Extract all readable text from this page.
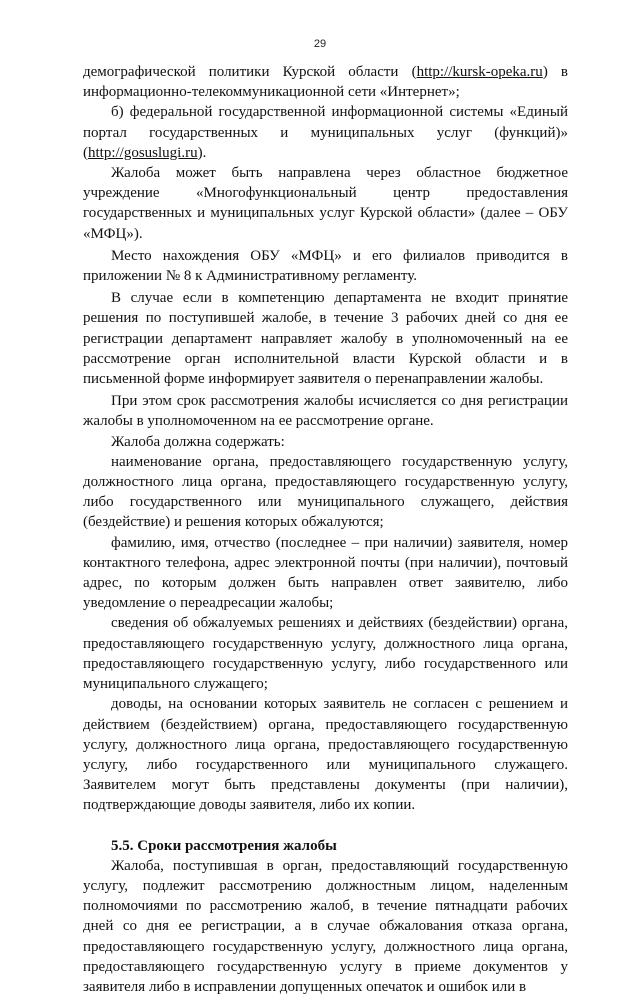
29

демографической политики Курской области (http://kursk-opeka.ru) в информационно-телекоммуникационной сети «Интернет»;

б) федеральной государственной информационной системы «Единый портал государственных и муниципальных услуг (функций)» (http://gosuslugi.ru).

Жалоба может быть направлена через областное бюджетное учреждение «Многофункциональный центр предоставления государственных и муниципальных услуг Курской области» (далее – ОБУ «МФЦ»).

Место нахождения ОБУ «МФЦ» и его филиалов приводится в приложении № 8 к Административному регламенту.

В случае если в компетенцию департамента не входит принятие решения по поступившей жалобе, в течение 3 рабочих дней со дня ее регистрации департамент направляет жалобу в уполномоченный на ее рассмотрение орган исполнительной власти Курской области и в письменной форме информирует заявителя о перенаправлении жалобы.

При этом срок рассмотрения жалобы исчисляется со дня регистрации жалобы в уполномоченном на ее рассмотрение органе.

Жалоба должна содержать:

наименование органа, предоставляющего государственную услугу, должностного лица органа, предоставляющего государственную услугу, либо государственного или муниципального служащего, действия (бездействие) и решения которых обжалуются;

фамилию, имя, отчество (последнее – при наличии) заявителя, номер контактного телефона, адрес электронной почты (при наличии), почтовый адрес, по которым должен быть направлен ответ заявителю, либо уведомление о переадресации жалобы;

сведения об обжалуемых решениях и действиях (бездействии) органа, предоставляющего государственную услугу, должностного лица органа, предоставляющего государственную услугу, либо государственного или муниципального служащего;

доводы, на основании которых заявитель не согласен с решением и действием (бездействием) органа, предоставляющего государственную услугу, должностного лица органа, предоставляющего государственную услугу, либо государственного или муниципального служащего. Заявителем могут быть представлены документы (при наличии), подтверждающие доводы заявителя, либо их копии.

5.5. Сроки рассмотрения жалобы

Жалоба, поступившая в орган, предоставляющий государственную услугу, подлежит рассмотрению должностным лицом, наделенным полномочиями по рассмотрению жалоб, в течение пятнадцати рабочих дней со дня ее регистрации, а в случае обжалования отказа органа, предоставляющего государственную услугу, должностного лица органа, предоставляющего государственную услугу в приеме документов у заявителя либо в исправлении допущенных опечаток и ошибок или в
